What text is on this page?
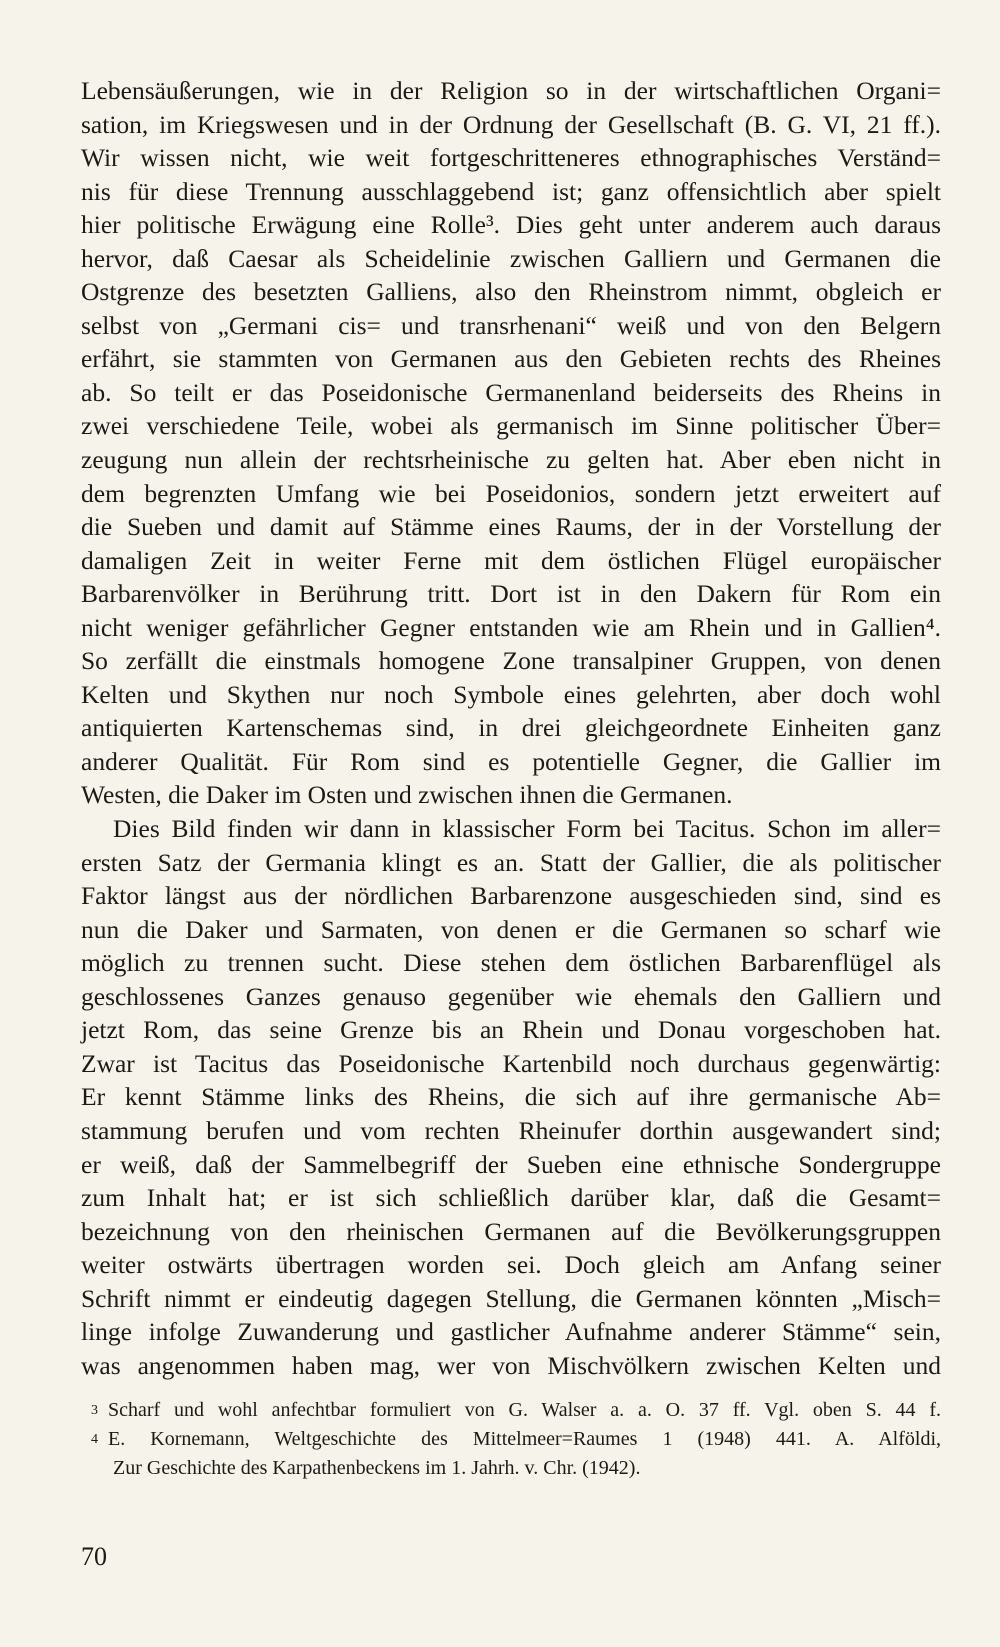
Lebensäußerungen, wie in der Religion so in der wirtschaftlichen Organi=
sation, im Kriegswesen und in der Ordnung der Gesellschaft (B. G. VI, 21 ff.).
Wir wissen nicht, wie weit fortgeschritteneres ethnographisches Verständ=
nis für diese Trennung ausschlaggebend ist; ganz offensichtlich aber spielt
hier politische Erwägung eine Rolle³. Dies geht unter anderem auch daraus
hervor, daß Caesar als Scheidelinie zwischen Galliern und Germanen die
Ostgrenze des besetzten Galliens, also den Rheinstrom nimmt, obgleich er
selbst von „Germani cis= und transrhenani“ weiß und von den Belgern
erfährt, sie stammten von Germanen aus den Gebieten rechts des Rheines
ab. So teilt er das Poseidonische Germanenland beiderseits des Rheins in
zwei verschiedene Teile, wobei als germanisch im Sinne politischer Über=
zeugung nun allein der rechtsrheinische zu gelten hat. Aber eben nicht in
dem begrenzten Umfang wie bei Poseidonios, sondern jetzt erweitert auf
die Sueben und damit auf Stämme eines Raums, der in der Vorstellung der
damaligen Zeit in weiter Ferne mit dem östlichen Flügel europäischer
Barbarenvölker in Berührung tritt. Dort ist in den Dakern für Rom ein
nicht weniger gefährlicher Gegner entstanden wie am Rhein und in Gallien⁴.
So zerfällt die einstmals homogene Zone transalpiner Gruppen, von denen
Kelten und Skythen nur noch Symbole eines gelehrten, aber doch wohl
antiquierten Kartenschemas sind, in drei gleichgeordnete Einheiten ganz
anderer Qualität. Für Rom sind es potentielle Gegner, die Gallier im
Westen, die Daker im Osten und zwischen ihnen die Germanen.
Dies Bild finden wir dann in klassischer Form bei Tacitus. Schon im aller=
ersten Satz der Germania klingt es an. Statt der Gallier, die als politischer
Faktor längst aus der nördlichen Barbarenzone ausgeschieden sind, sind es
nun die Daker und Sarmaten, von denen er die Germanen so scharf wie
möglich zu trennen sucht. Diese stehen dem östlichen Barbarenflügel als
geschlossenes Ganzes genauso gegenüber wie ehemals den Galliern und
jetzt Rom, das seine Grenze bis an Rhein und Donau vorgeschoben hat.
Zwar ist Tacitus das Poseidonische Kartenbild noch durchaus gegenwärtig:
Er kennt Stämme links des Rheins, die sich auf ihre germanische Ab=
stammung berufen und vom rechten Rheinufer dorthin ausgewandert sind;
er weiß, daß der Sammelbegriff der Sueben eine ethnische Sondergruppe
zum Inhalt hat; er ist sich schließlich darüber klar, daß die Gesamt=
bezeichnung von den rheinischen Germanen auf die Bevölkerungsgruppen
weiter ostwärts übertragen worden sei. Doch gleich am Anfang seiner
Schrift nimmt er eindeutig dagegen Stellung, die Germanen könnten „Misch=
linge infolge Zuwanderung und gastlicher Aufnahme anderer Stämme“ sein,
was angenommen haben mag, wer von Mischvölkern zwischen Kelten und
$^3$ Scharf und wohl anfechtbar formuliert von G. Walser a. a. O. 37 ff. Vgl. oben S. 44 f.
$^4$ E. Kornemann, Weltgeschichte des Mittelmeer=Raumes 1 (1948) 441. A. Alföldi,
Zur Geschichte des Karpathenbeckens im 1. Jahrh. v. Chr. (1942).
70
